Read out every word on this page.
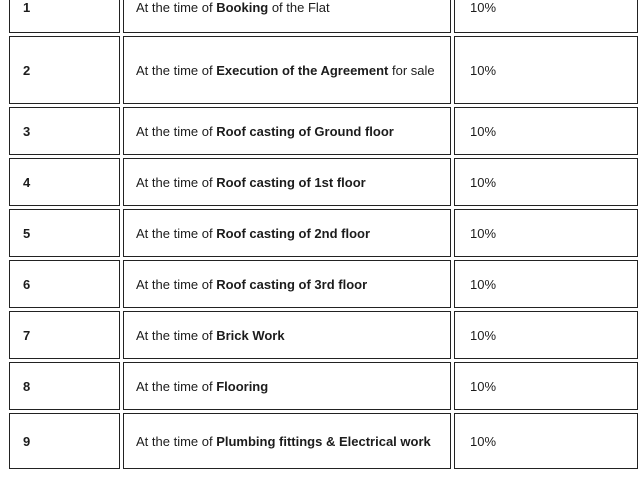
1	At the time of Booking of the Flat	10%
2	At the time of Execution of the Agreement for sale	10%
3	At the time of Roof casting of Ground floor	10%
4	At the time of Roof casting of 1st floor	10%
5	At the time of Roof casting of 2nd floor	10%
6	At the time of Roof casting of 3rd floor	10%
7	At the time of Brick Work	10%
8	At the time of Flooring	10%
9	At the time of Plumbing fittings & Electrical work	10%
